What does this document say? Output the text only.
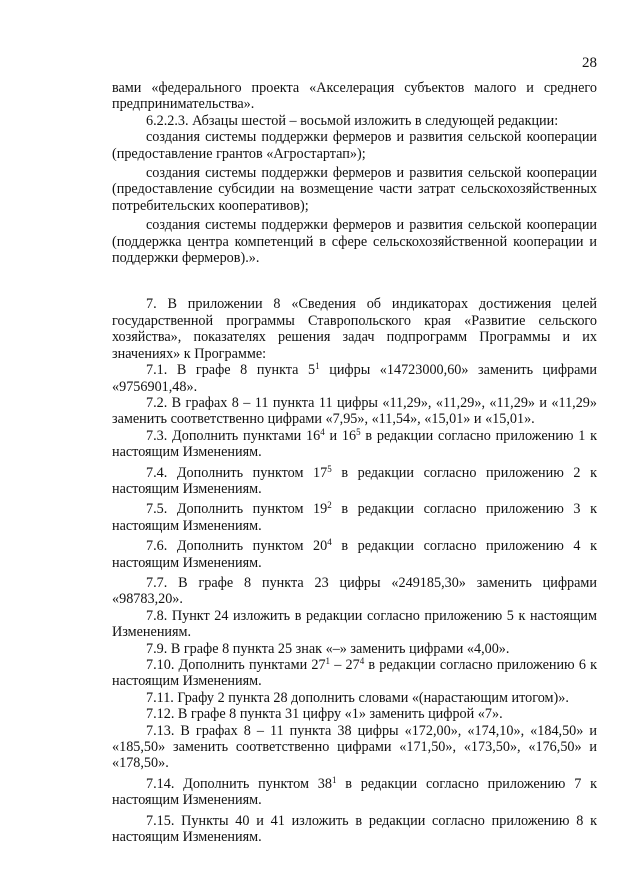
28

вами «федерального проекта «Акселерация субъектов малого и среднего предпринимательства».

6.2.2.3. Абзацы шестой – восьмой изложить в следующей редакции:

создания системы поддержки фермеров и развития сельской кооперации (предоставление грантов «Агростартап»);

создания системы поддержки фермеров и развития сельской кооперации (предоставление субсидии на возмещение части затрат сельскохозяйственных потребительских кооперативов);

создания системы поддержки фермеров и развития сельской кооперации (поддержка центра компетенций в сфере сельскохозяйственной кооперации и поддержки фермеров).».

7. В приложении 8 «Сведения об индикаторах достижения целей государственной программы Ставропольского края «Развитие сельского хозяйства», показателях решения задач подпрограмм Программы и их значениях» к Программе:

7.1. В графе 8 пункта $5^1$ цифры «14723000,60» заменить цифрами «9756901,48».

7.2. В графах 8 – 11 пункта 11 цифры «11,29», «11,29», «11,29» и «11,29» заменить соответственно цифрами «7,95», «11,54», «15,01» и «15,01».

7.3. Дополнить пунктами $16^4$ и $16^5$ в редакции согласно приложению 1 к настоящим Изменениям.

7.4. Дополнить пунктом $17^5$ в редакции согласно приложению 2 к настоящим Изменениям.

7.5. Дополнить пунктом $19^2$ в редакции согласно приложению 3 к настоящим Изменениям.

7.6. Дополнить пунктом $20^4$ в редакции согласно приложению 4 к настоящим Изменениям.

7.7. В графе 8 пункта 23 цифры «249185,30» заменить цифрами «98783,20».

7.8. Пункт 24 изложить в редакции согласно приложению 5 к настоящим Изменениям.

7.9. В графе 8 пункта 25 знак «–» заменить цифрами «4,00».

7.10. Дополнить пунктами $27^1 - 27^4$ в редакции согласно приложению 6 к настоящим Изменениям.

7.11. Графу 2 пункта 28 дополнить словами «(нарастающим итогом)».

7.12. В графе 8 пункта 31 цифру «1» заменить цифрой «7».

7.13. В графах 8 – 11 пункта 38 цифры «172,00», «174,10», «184,50» и «185,50» заменить соответственно цифрами «171,50», «173,50», «176,50» и «178,50».

7.14. Дополнить пунктом $38^1$ в редакции согласно приложению 7 к настоящим Изменениям.

7.15. Пункты 40 и 41 изложить в редакции согласно приложению 8 к настоящим Изменениям.
